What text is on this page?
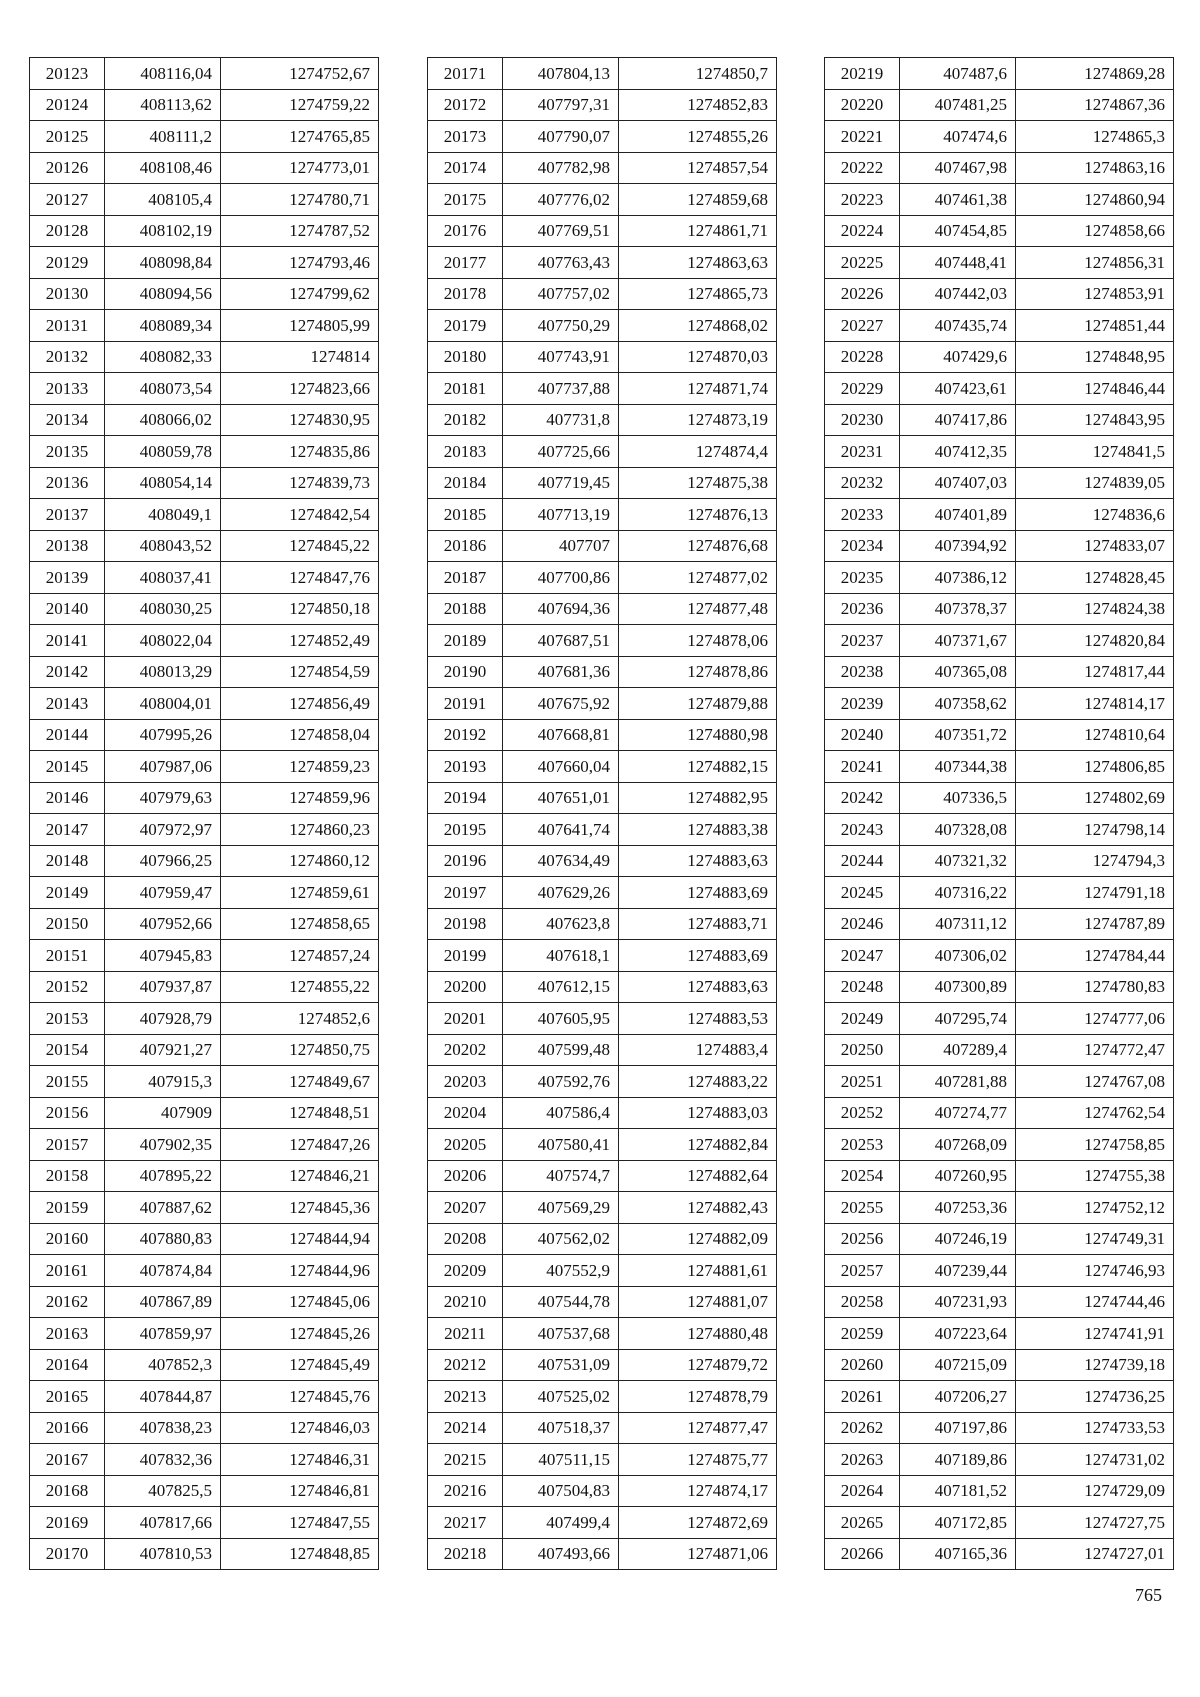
20123	408116,04	1274752,67
20124	408113,62	1274759,22
20125	408111,2	1274765,85
20126	408108,46	1274773,01
20127	408105,4	1274780,71
20128	408102,19	1274787,52
20129	408098,84	1274793,46
20130	408094,56	1274799,62
20131	408089,34	1274805,99
20132	408082,33	1274814
20133	408073,54	1274823,66
20134	408066,02	1274830,95
20135	408059,78	1274835,86
20136	408054,14	1274839,73
20137	408049,1	1274842,54
20138	408043,52	1274845,22
20139	408037,41	1274847,76
20140	408030,25	1274850,18
20141	408022,04	1274852,49
20142	408013,29	1274854,59
20143	408004,01	1274856,49
20144	407995,26	1274858,04
20145	407987,06	1274859,23
20146	407979,63	1274859,96
20147	407972,97	1274860,23
20148	407966,25	1274860,12
20149	407959,47	1274859,61
20150	407952,66	1274858,65
20151	407945,83	1274857,24
20152	407937,87	1274855,22
20153	407928,79	1274852,6
20154	407921,27	1274850,75
20155	407915,3	1274849,67
20156	407909	1274848,51
20157	407902,35	1274847,26
20158	407895,22	1274846,21
20159	407887,62	1274845,36
20160	407880,83	1274844,94
20161	407874,84	1274844,96
20162	407867,89	1274845,06
20163	407859,97	1274845,26
20164	407852,3	1274845,49
20165	407844,87	1274845,76
20166	407838,23	1274846,03
20167	407832,36	1274846,31
20168	407825,5	1274846,81
20169	407817,66	1274847,55
20170	407810,53	1274848,85
20171	407804,13	1274850,7
20172	407797,31	1274852,83
20173	407790,07	1274855,26
20174	407782,98	1274857,54
20175	407776,02	1274859,68
20176	407769,51	1274861,71
20177	407763,43	1274863,63
20178	407757,02	1274865,73
20179	407750,29	1274868,02
20180	407743,91	1274870,03
20181	407737,88	1274871,74
20182	407731,8	1274873,19
20183	407725,66	1274874,4
20184	407719,45	1274875,38
20185	407713,19	1274876,13
20186	407707	1274876,68
20187	407700,86	1274877,02
20188	407694,36	1274877,48
20189	407687,51	1274878,06
20190	407681,36	1274878,86
20191	407675,92	1274879,88
20192	407668,81	1274880,98
20193	407660,04	1274882,15
20194	407651,01	1274882,95
20195	407641,74	1274883,38
20196	407634,49	1274883,63
20197	407629,26	1274883,69
20198	407623,8	1274883,71
20199	407618,1	1274883,69
20200	407612,15	1274883,63
20201	407605,95	1274883,53
20202	407599,48	1274883,4
20203	407592,76	1274883,22
20204	407586,4	1274883,03
20205	407580,41	1274882,84
20206	407574,7	1274882,64
20207	407569,29	1274882,43
20208	407562,02	1274882,09
20209	407552,9	1274881,61
20210	407544,78	1274881,07
20211	407537,68	1274880,48
20212	407531,09	1274879,72
20213	407525,02	1274878,79
20214	407518,37	1274877,47
20215	407511,15	1274875,77
20216	407504,83	1274874,17
20217	407499,4	1274872,69
20218	407493,66	1274871,06
20219	407487,6	1274869,28
20220	407481,25	1274867,36
20221	407474,6	1274865,3
20222	407467,98	1274863,16
20223	407461,38	1274860,94
20224	407454,85	1274858,66
20225	407448,41	1274856,31
20226	407442,03	1274853,91
20227	407435,74	1274851,44
20228	407429,6	1274848,95
20229	407423,61	1274846,44
20230	407417,86	1274843,95
20231	407412,35	1274841,5
20232	407407,03	1274839,05
20233	407401,89	1274836,6
20234	407394,92	1274833,07
20235	407386,12	1274828,45
20236	407378,37	1274824,38
20237	407371,67	1274820,84
20238	407365,08	1274817,44
20239	407358,62	1274814,17
20240	407351,72	1274810,64
20241	407344,38	1274806,85
20242	407336,5	1274802,69
20243	407328,08	1274798,14
20244	407321,32	1274794,3
20245	407316,22	1274791,18
20246	407311,12	1274787,89
20247	407306,02	1274784,44
20248	407300,89	1274780,83
20249	407295,74	1274777,06
20250	407289,4	1274772,47
20251	407281,88	1274767,08
20252	407274,77	1274762,54
20253	407268,09	1274758,85
20254	407260,95	1274755,38
20255	407253,36	1274752,12
20256	407246,19	1274749,31
20257	407239,44	1274746,93
20258	407231,93	1274744,46
20259	407223,64	1274741,91
20260	407215,09	1274739,18
20261	407206,27	1274736,25
20262	407197,86	1274733,53
20263	407189,86	1274731,02
20264	407181,52	1274729,09
20265	407172,85	1274727,75
20266	407165,36	1274727,01
765
